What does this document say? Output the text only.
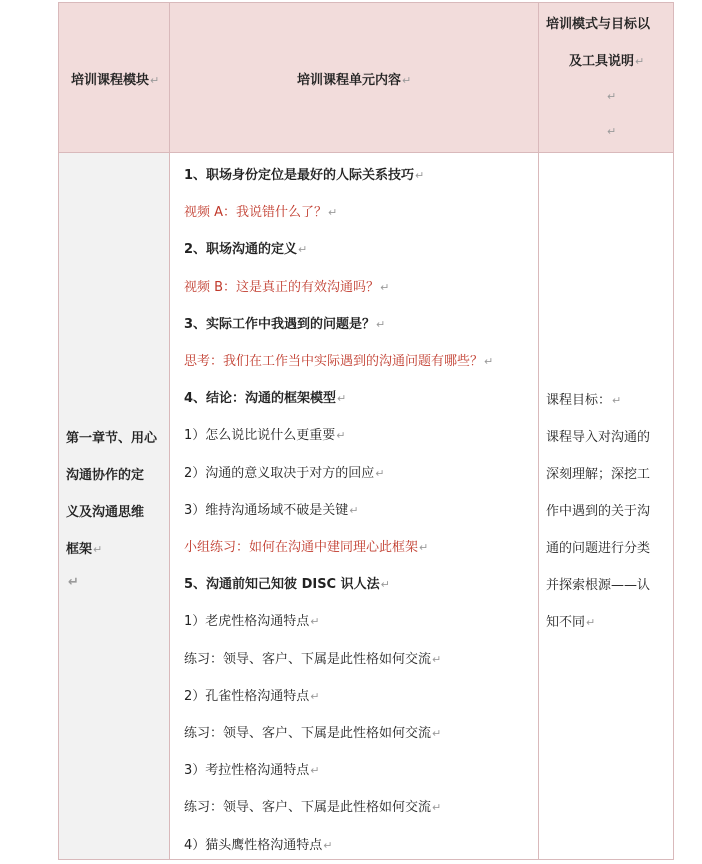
培训课程模块↵	培训课程单元内容↵
培训模式与目标以
及工具说明↵
↵
↵
第一章节、用心
沟通协作的定
义及沟通思维
框架↵
↵
1、职场身份定位是最好的人际关系技巧↵
视频 A：我说错什么了？↵
2、职场沟通的定义↵
视频 B：这是真正的有效沟通吗？↵
3、实际工作中我遇到的问题是？↵
思考：我们在工作当中实际遇到的沟通问题有哪些？↵
4、结论：沟通的框架模型↵
1）怎么说比说什么更重要↵
2）沟通的意义取决于对方的回应↵
3）维持沟通场域不破是关键↵
小组练习：如何在沟通中建同理心此框架↵
5、沟通前知己知彼 DISC 识人法↵
1）老虎性格沟通特点↵
练习：领导、客户、下属是此性格如何交流↵
2）孔雀性格沟通特点↵
练习：领导、客户、下属是此性格如何交流↵
3）考拉性格沟通特点↵
练习：领导、客户、下属是此性格如何交流↵
4）猫头鹰性格沟通特点↵
课程目标：↵
课程导入对沟通的
深刻理解；深挖工
作中遇到的关于沟
通的问题进行分类
并探索根源——认
知不同↵
